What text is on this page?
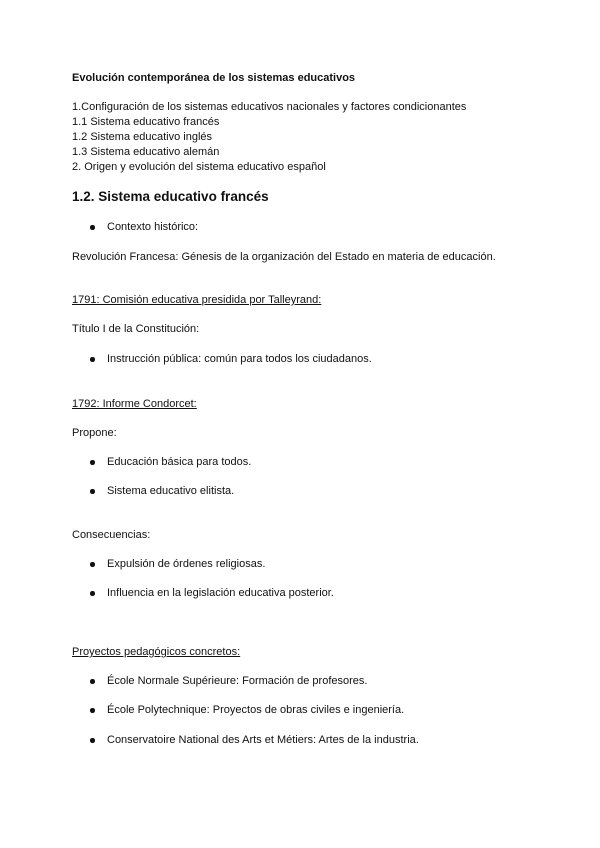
Evolución contemporánea de los sistemas educativos
1.Configuración de los sistemas educativos nacionales y factores condicionantes
1.1 Sistema educativo francés
1.2 Sistema educativo inglés
1.3 Sistema educativo alemán
2. Origen y evolución del sistema educativo español
1.2. Sistema educativo francés
Contexto histórico:
Revolución Francesa: Génesis de la organización del Estado en materia de educación.
1791: Comisión educativa presidida por Talleyrand:
Título I de la Constitución:
Instrucción pública: común para todos los ciudadanos.
1792: Informe Condorcet:
Propone:
Educación básica para todos.
Sistema educativo elitista.
Consecuencias:
Expulsión de órdenes religiosas.
Influencia en la legislación educativa posterior.
Proyectos pedagógicos concretos:
École Normale Supérieure: Formación de profesores.
École Polytechnique: Proyectos de obras civiles e ingeniería.
Conservatoire National des Arts et Métiers: Artes de la industria.
